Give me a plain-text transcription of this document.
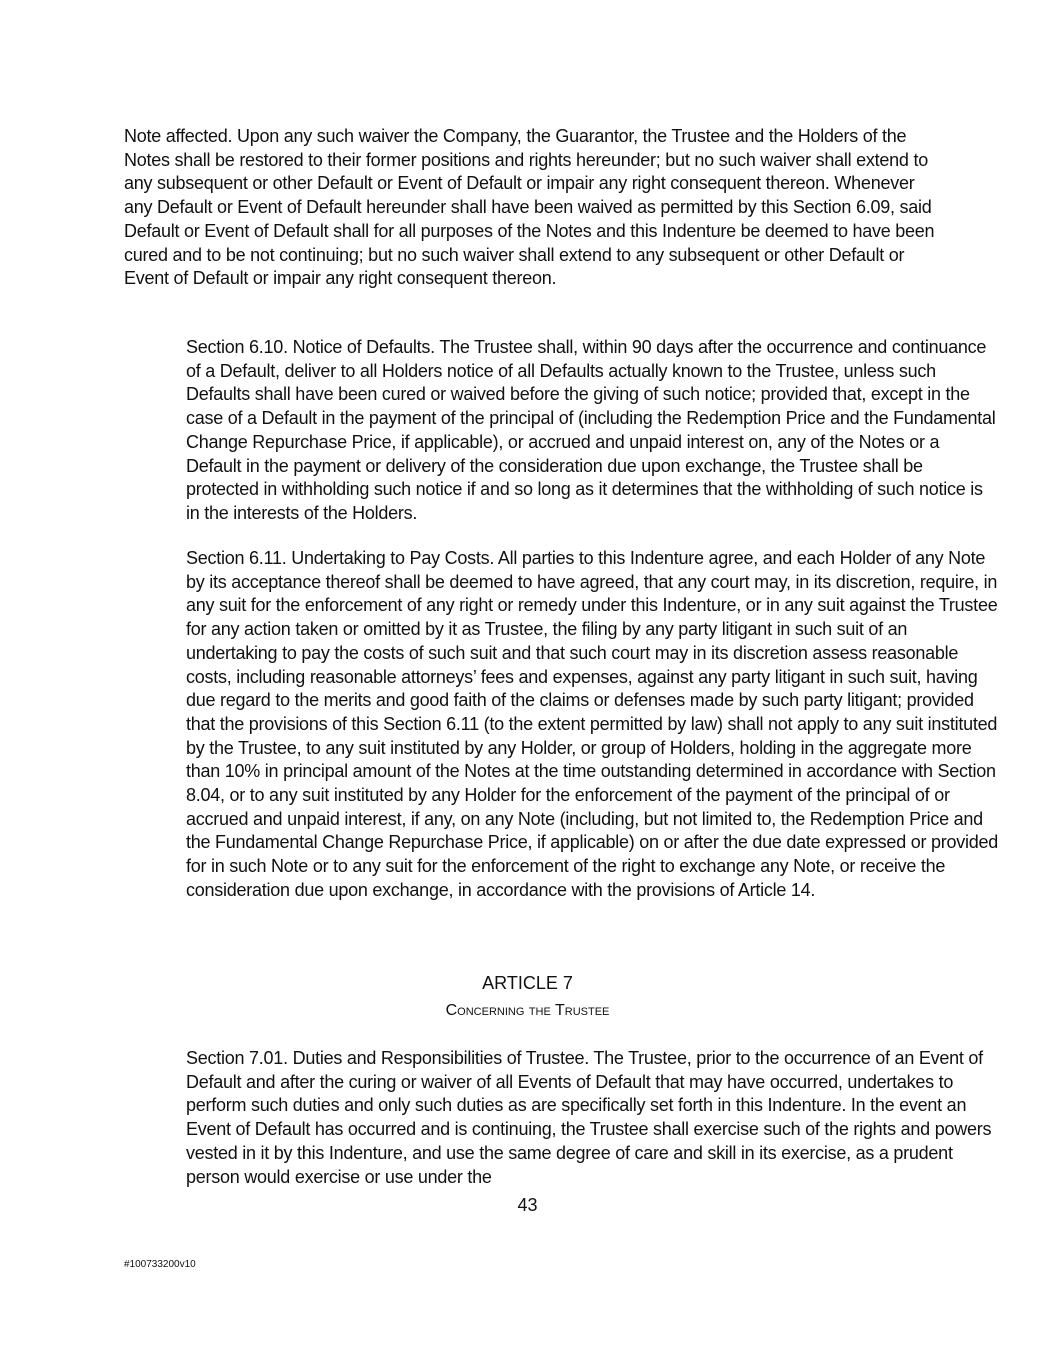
Note affected. Upon any such waiver the Company, the Guarantor, the Trustee and the Holders of the Notes shall be restored to their former positions and rights hereunder; but no such waiver shall extend to any subsequent or other Default or Event of Default or impair any right consequent thereon. Whenever any Default or Event of Default hereunder shall have been waived as permitted by this Section 6.09, said Default or Event of Default shall for all purposes of the Notes and this Indenture be deemed to have been cured and to be not continuing; but no such waiver shall extend to any subsequent or other Default or Event of Default or impair any right consequent thereon.

Section 6.10. Notice of Defaults. The Trustee shall, within 90 days after the occurrence and continuance of a Default, deliver to all Holders notice of all Defaults actually known to the Trustee, unless such Defaults shall have been cured or waived before the giving of such notice; provided that, except in the case of a Default in the payment of the principal of (including the Redemption Price and the Fundamental Change Repurchase Price, if applicable), or accrued and unpaid interest on, any of the Notes or a Default in the payment or delivery of the consideration due upon exchange, the Trustee shall be protected in withholding such notice if and so long as it determines that the withholding of such notice is in the interests of the Holders.

Section 6.11. Undertaking to Pay Costs. All parties to this Indenture agree, and each Holder of any Note by its acceptance thereof shall be deemed to have agreed, that any court may, in its discretion, require, in any suit for the enforcement of any right or remedy under this Indenture, or in any suit against the Trustee for any action taken or omitted by it as Trustee, the filing by any party litigant in such suit of an undertaking to pay the costs of such suit and that such court may in its discretion assess reasonable costs, including reasonable attorneys’ fees and expenses, against any party litigant in such suit, having due regard to the merits and good faith of the claims or defenses made by such party litigant; provided that the provisions of this Section 6.11 (to the extent permitted by law) shall not apply to any suit instituted by the Trustee, to any suit instituted by any Holder, or group of Holders, holding in the aggregate more than 10% in principal amount of the Notes at the time outstanding determined in accordance with Section 8.04, or to any suit instituted by any Holder for the enforcement of the payment of the principal of or accrued and unpaid interest, if any, on any Note (including, but not limited to, the Redemption Price and the Fundamental Change Repurchase Price, if applicable) on or after the due date expressed or provided for in such Note or to any suit for the enforcement of the right to exchange any Note, or receive the consideration due upon exchange, in accordance with the provisions of Article 14.

ARTICLE 7

Concerning the Trustee

Section 7.01. Duties and Responsibilities of Trustee. The Trustee, prior to the occurrence of an Event of Default and after the curing or waiver of all Events of Default that may have occurred, undertakes to perform such duties and only such duties as are specifically set forth in this Indenture. In the event an Event of Default has occurred and is continuing, the Trustee shall exercise such of the rights and powers vested in it by this Indenture, and use the same degree of care and skill in its exercise, as a prudent person would exercise or use under the

43
#100733200v10
